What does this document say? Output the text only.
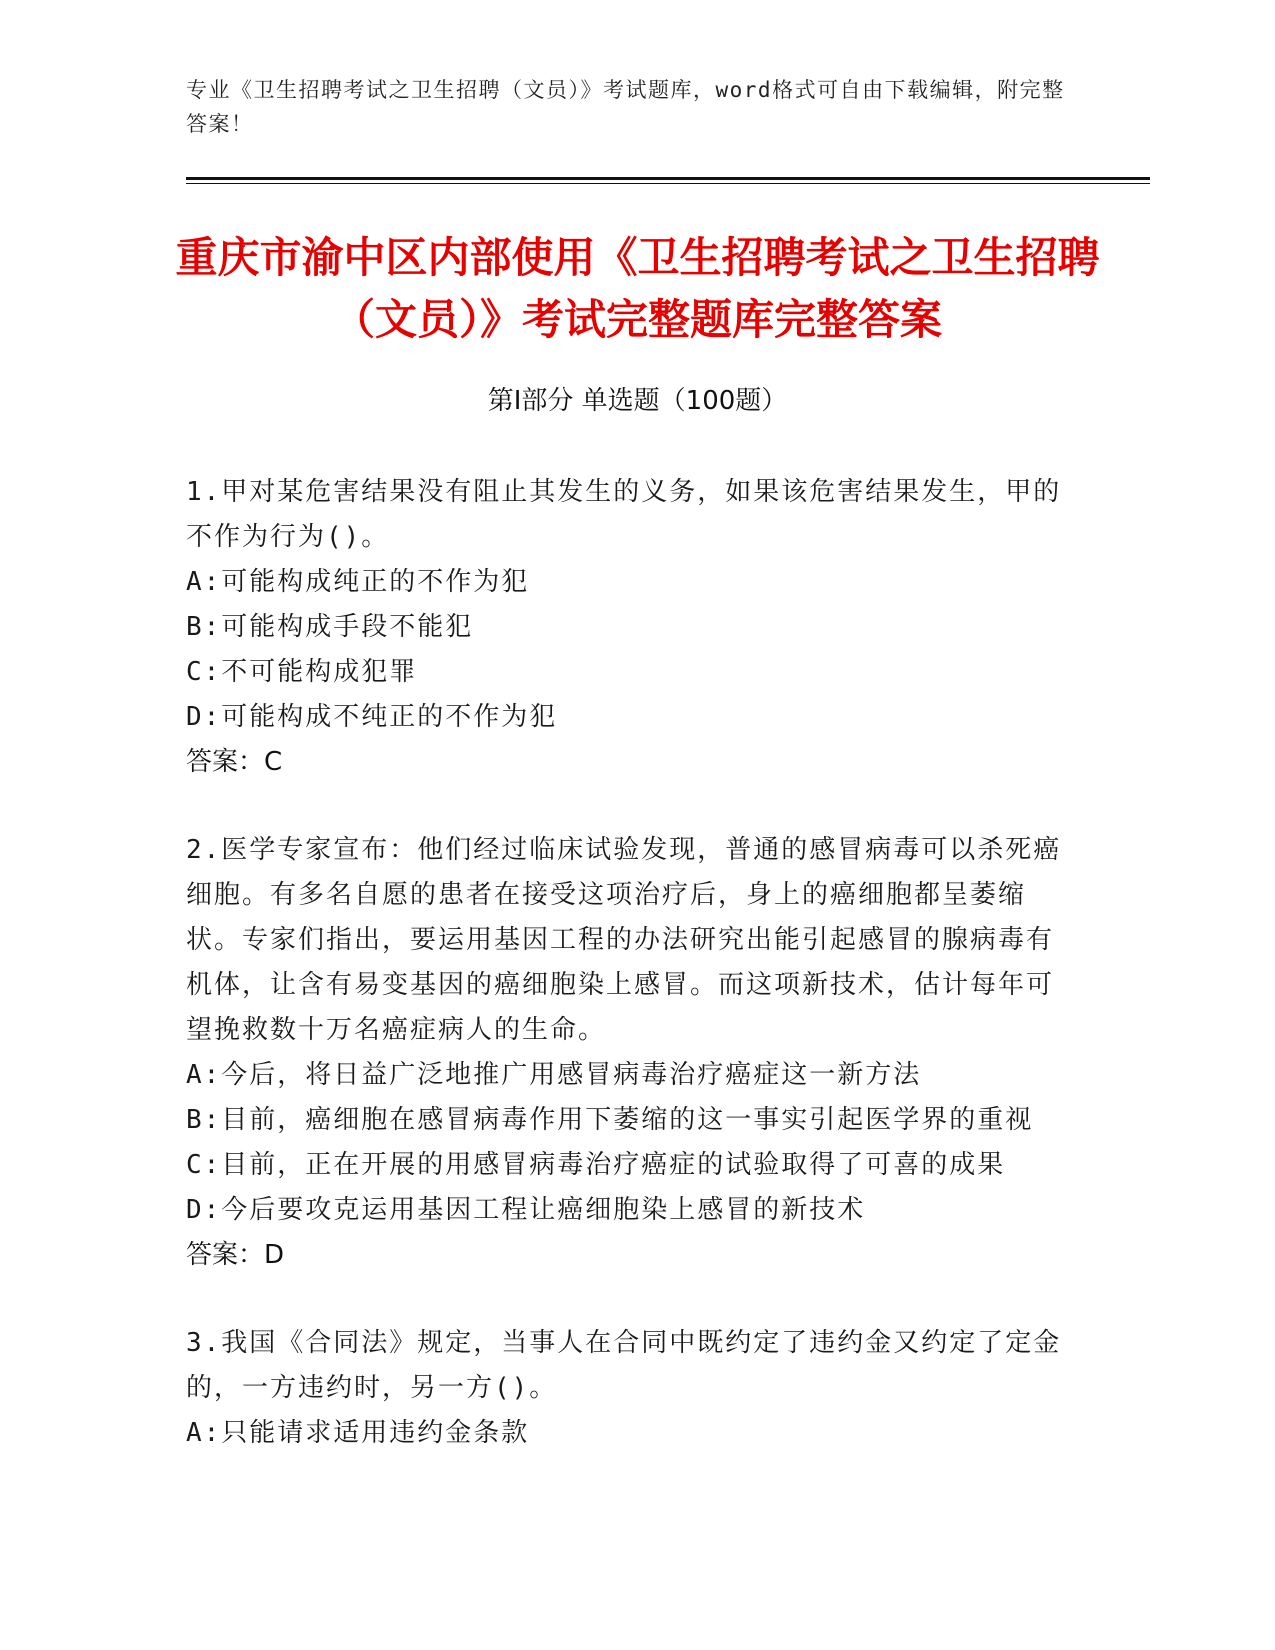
专业《卫生招聘考试之卫生招聘（文员）》考试题库，word格式可自由下载编辑，附完整答案！
重庆市渝中区内部使用《卫生招聘考试之卫生招聘（文员）》考试完整题库完整答案
第Ⅰ部分 单选题（100题）
1.甲对某危害结果没有阻止其发生的义务，如果该危害结果发生，甲的不作为行为()。
A:可能构成纯正的不作为犯
B:可能构成手段不能犯
C:不可能构成犯罪
D:可能构成不纯正的不作为犯
答案：C
2.医学专家宣布：他们经过临床试验发现，普通的感冒病毒可以杀死癌细胞。有多名自愿的患者在接受这项治疗后，身上的癌细胞都呈萎缩状。专家们指出，要运用基因工程的办法研究出能引起感冒的腺病毒有机体，让含有易变基因的癌细胞染上感冒。而这项新技术，估计每年可望挽救数十万名癌症病人的生命。
A:今后，将日益广泛地推广用感冒病毒治疗癌症这一新方法
B:目前，癌细胞在感冒病毒作用下萎缩的这一事实引起医学界的重视
C:目前，正在开展的用感冒病毒治疗癌症的试验取得了可喜的成果
D:今后要攻克运用基因工程让癌细胞染上感冒的新技术
答案：D
3.我国《合同法》规定，当事人在合同中既约定了违约金又约定了定金的，一方违约时，另一方()。
A:只能请求适用违约金条款
